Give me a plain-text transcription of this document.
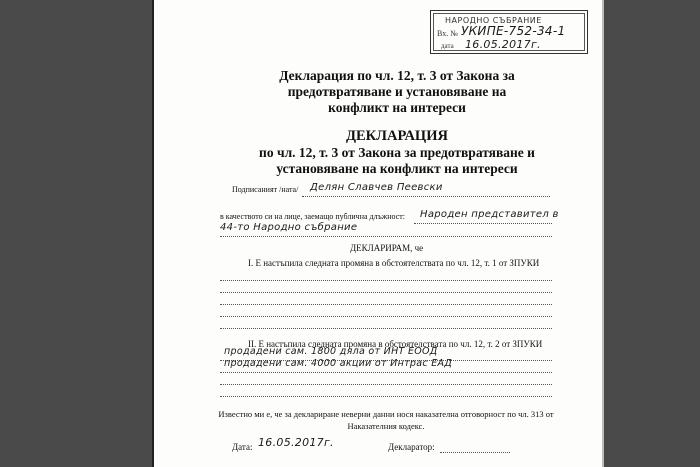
НАРОДНО СЪБРАНИЕ
Вх. № УКИПЕ-752-34-1
дата 16.05.2017г.
Декларация по чл. 12, т. 3 от Закона за предотвратяване и установяване на конфликт на интереси
ДЕКЛАРАЦИЯ
по чл. 12, т. 3 от Закона за предотвратяване и установяване на конфликт на интереси
Подписаният /ната/ Делян Славчев Пеевски
в качеството си на лице, заемащо публична длъжност: Народен представител в
44-то Народно събрание
ДЕКЛАРИРАМ, че
I. Е настъпила следната промяна в обстоятелствата по чл. 12, т. 1 от ЗПУКИ
II. Е настъпила следната промяна в обстоятелствата по чл. 12, т. 2 от ЗПУКИ
продадени сам. 1800 дяла от ИНТ ЕООД
продадени сам. 4000 акции от Интрас ЕАД
Известно ми е, че за деклариране неверни данни нося наказателна отговорност по чл. 313 от Наказателния кодекс.
Дата: 16.05.2017г.	Декларатор:
